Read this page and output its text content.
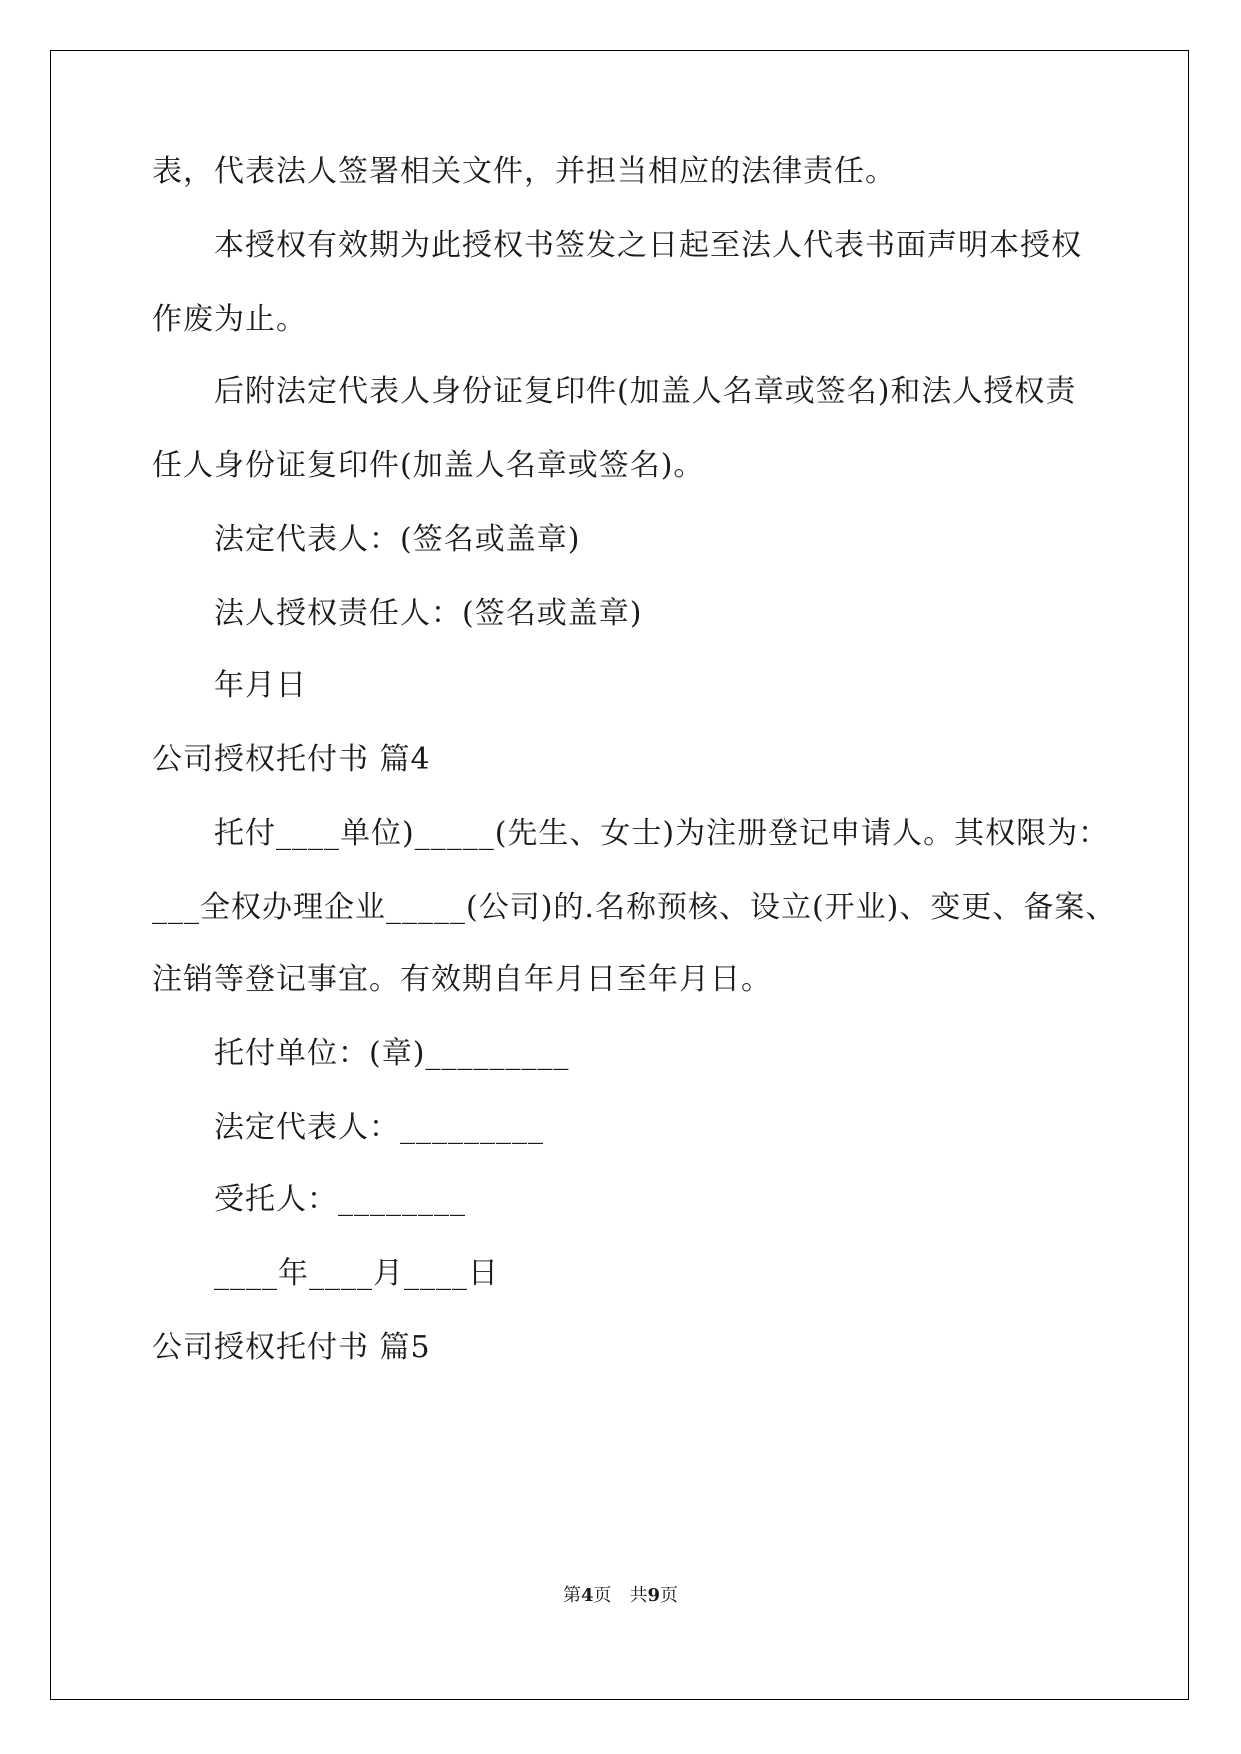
表，代表法人签署相关文件，并担当相应的法律责任。
本授权有效期为此授权书签发之日起至法人代表书面声明本授权
作废为止。
后附法定代表人身份证复印件(加盖人名章或签名)和法人授权责
任人身份证复印件(加盖人名章或签名)。
法定代表人：(签名或盖章)
法人授权责任人：(签名或盖章)
年月日
公司授权托付书 篇4
托付____单位)_____(先生、女士)为注册登记申请人。其权限为：
___全权办理企业_____(公司)的.名称预核、设立(开业)、变更、备案、
注销等登记事宜。有效期自年月日至年月日。
托付单位：(章)_________
法定代表人：_________
受托人：________
____年____月____日
公司授权托付书 篇5
第4页 共9页
